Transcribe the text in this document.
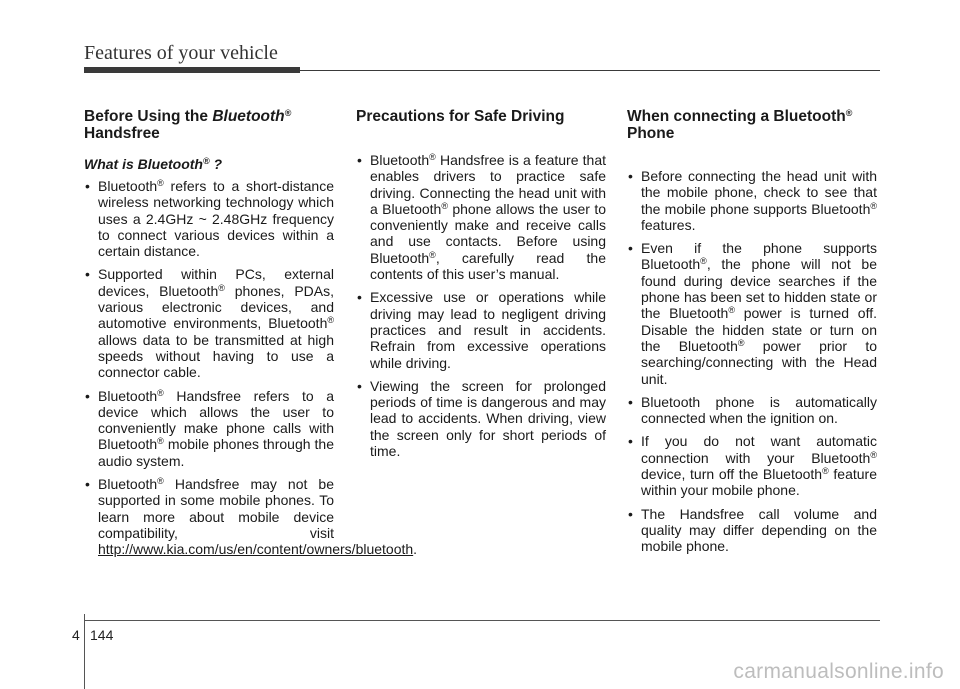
Features of your vehicle
Before Using the Bluetooth®
Handsfree
What is Bluetooth® ?
• Bluetooth® refers to a short-distance wireless networking technology which uses a 2.4GHz ~ 2.48GHz frequency to connect various devices within a certain distance.
• Supported within PCs, external devices, Bluetooth® phones, PDAs, various electronic devices, and automotive environments, Bluetooth® allows data to be transmitted at high speeds without having to use a connector cable.
• Bluetooth® Handsfree refers to a device which allows the user to conveniently make phone calls with Bluetooth® mobile phones through the audio system.
• Bluetooth® Handsfree may not be supported in some mobile phones. To learn more about mobile device compatibility, visit http://www.kia.com/us/en/content/owners/bluetooth.
Precautions for Safe Driving
• Bluetooth® Handsfree is a feature that enables drivers to practice safe driving. Connecting the head unit with a Bluetooth® phone allows the user to conveniently make and receive calls and use contacts. Before using Bluetooth®, carefully read the contents of this user’s manual.
• Excessive use or operations while driving may lead to negligent driving practices and result in accidents. Refrain from excessive operations while driving.
• Viewing the screen for prolonged periods of time is dangerous and may lead to accidents. When driving, view the screen only for short periods of time.
When connecting a Bluetooth®
Phone
• Before connecting the head unit with the mobile phone, check to see that the mobile phone supports Bluetooth® features.
• Even if the phone supports Bluetooth®, the phone will not be found during device searches if the phone has been set to hidden state or the Bluetooth® power is turned off. Disable the hidden state or turn on the Bluetooth® power prior to searching/connecting with the Head unit.
• Bluetooth phone is automatically connected when the ignition on.
• If you do not want automatic connection with your Bluetooth® device, turn off the Bluetooth® feature within your mobile phone.
• The Handsfree call volume and quality may differ depending on the mobile phone.
4 144
carmanualsonline.info
